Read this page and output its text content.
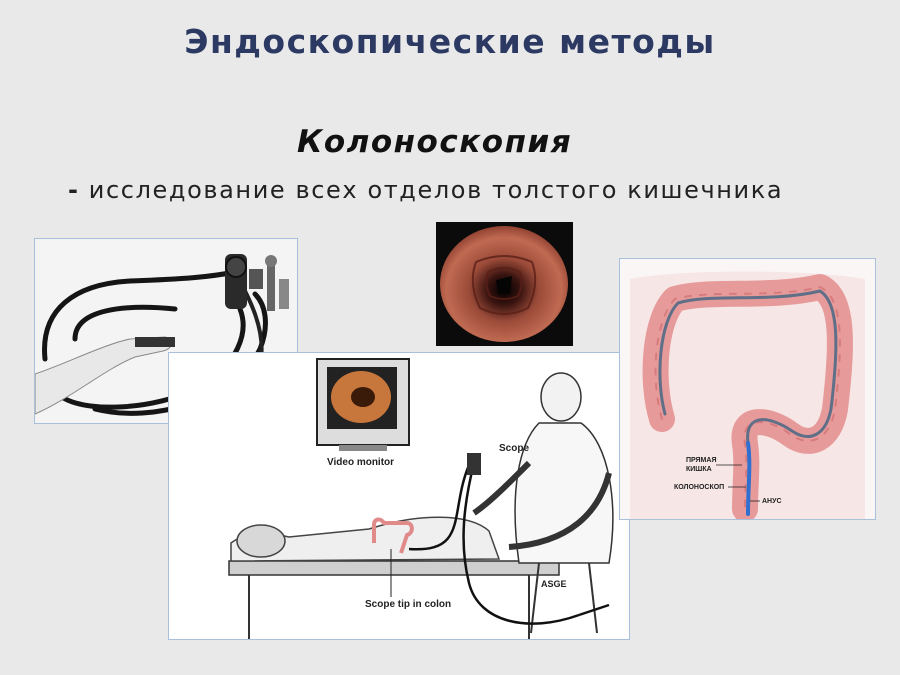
Эндоскопические методы
Колоноскопия
- исследование всех отделов толстого кишечника
Video monitor
Scope tip in colon
Scope
ASGE
ПРЯМАЯ
КИШКА
КОЛОНОСКОП
АНУС
